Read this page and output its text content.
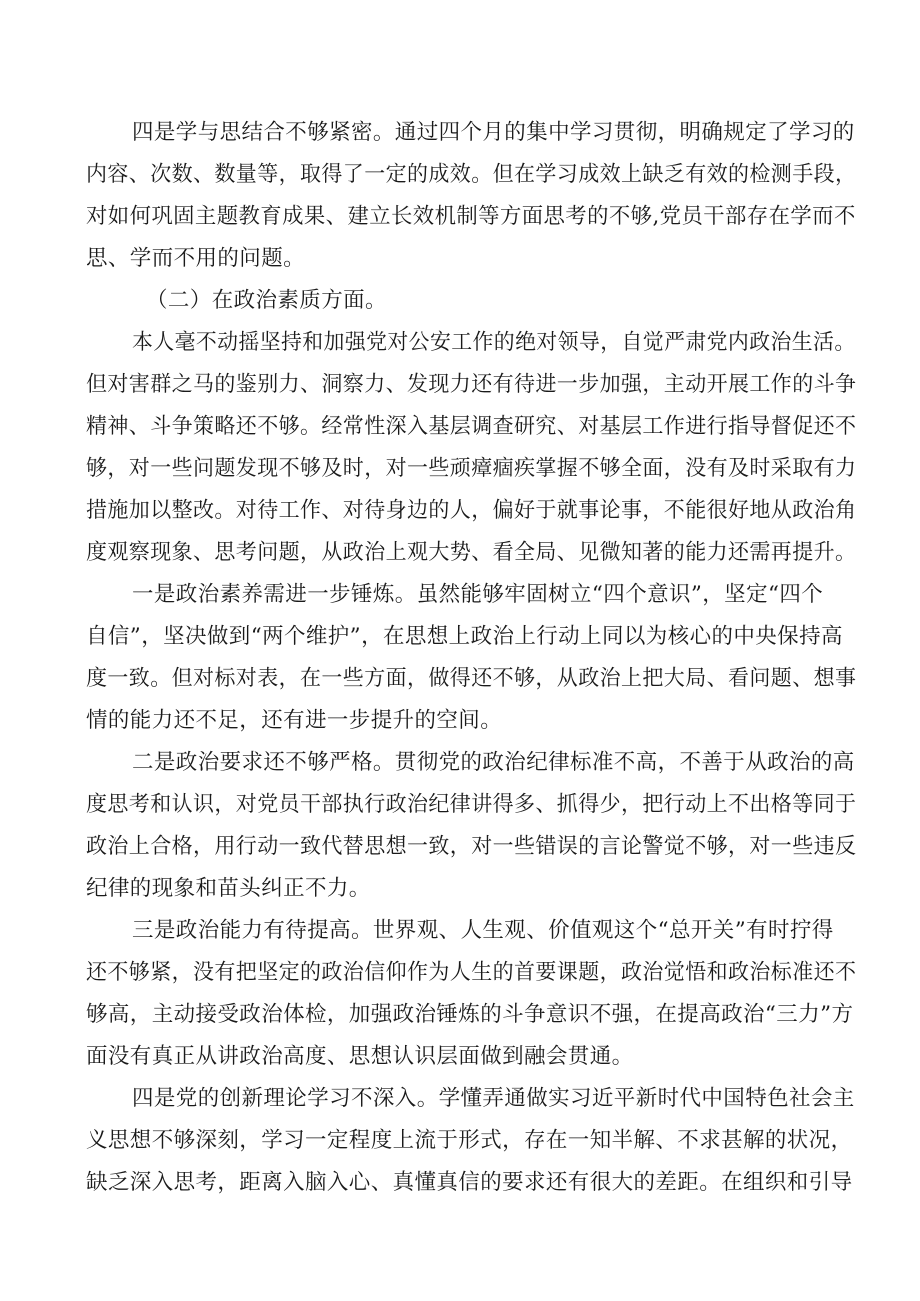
四是学与思结合不够紧密。通过四个月的集中学习贯彻，明确规定了学习的
内容、次数、数量等，取得了一定的成效。但在学习成效上缺乏有效的检测手段，
对如何巩固主题教育成果、建立长效机制等方面思考的不够,党员干部存在学而不
思、学而不用的问题。
（二）在政治素质方面。
本人毫不动摇坚持和加强党对公安工作的绝对领导，自觉严肃党内政治生活。
但对害群之马的鉴别力、洞察力、发现力还有待进一步加强，主动开展工作的斗争
精神、斗争策略还不够。经常性深入基层调查研究、对基层工作进行指导督促还不
够，对一些问题发现不够及时，对一些顽瘴痼疾掌握不够全面，没有及时采取有力
措施加以整改。对待工作、对待身边的人，偏好于就事论事，不能很好地从政治角
度观察现象、思考问题，从政治上观大势、看全局、见微知著的能力还需再提升。
一是政治素养需进一步锤炼。虽然能够牢固树立“四个意识”，坚定“四个
自信”，坚决做到“两个维护”，在思想上政治上行动上同以为核心的中央保持高
度一致。但对标对表，在一些方面，做得还不够，从政治上把大局、看问题、想事
情的能力还不足，还有进一步提升的空间。
二是政治要求还不够严格。贯彻党的政治纪律标准不高，不善于从政治的高
度思考和认识，对党员干部执行政治纪律讲得多、抓得少，把行动上不出格等同于
政治上合格，用行动一致代替思想一致，对一些错误的言论警觉不够，对一些违反
纪律的现象和苗头纠正不力。
三是政治能力有待提高。世界观、人生观、价值观这个“总开关”有时拧得
还不够紧，没有把坚定的政治信仰作为人生的首要课题，政治觉悟和政治标准还不
够高，主动接受政治体检，加强政治锤炼的斗争意识不强，在提高政治“三力”方
面没有真正从讲政治高度、思想认识层面做到融会贯通。
四是党的创新理论学习不深入。学懂弄通做实习近平新时代中国特色社会主
义思想不够深刻，学习一定程度上流于形式，存在一知半解、不求甚解的状况，
缺乏深入思考，距离入脑入心、真懂真信的要求还有很大的差距。在组织和引导
